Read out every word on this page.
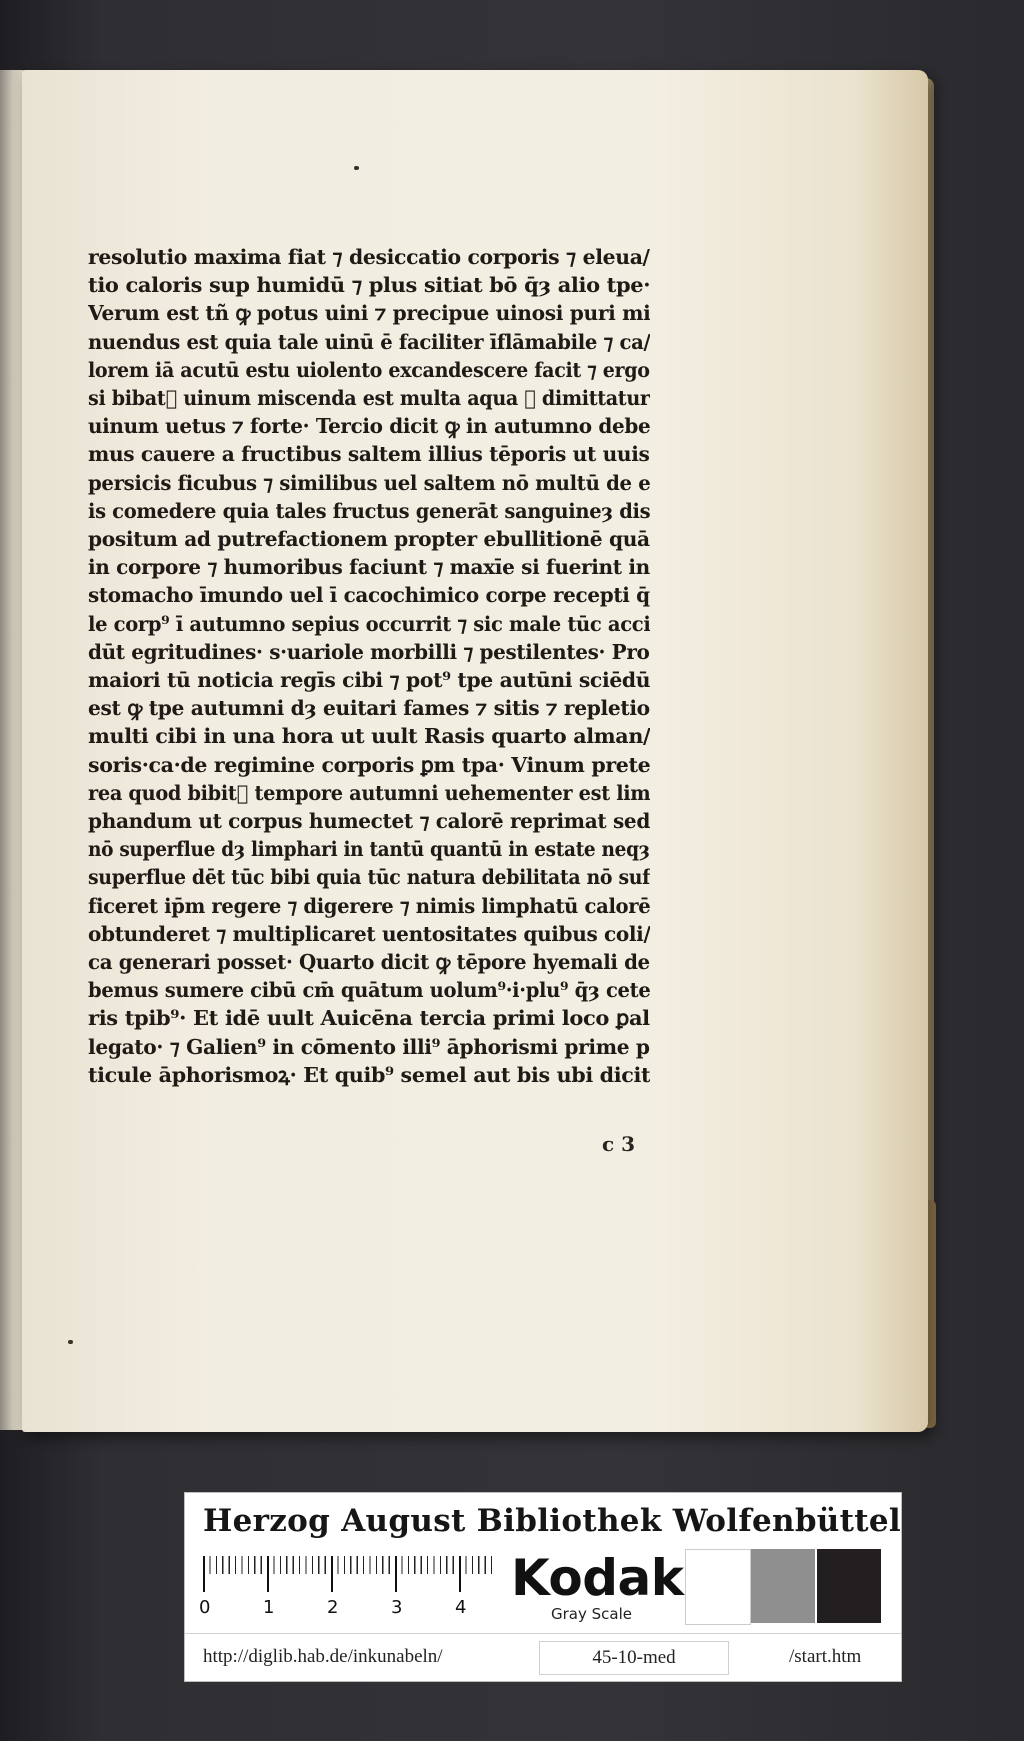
resolutio maxima fiat ⁊ desiccatio corporis ⁊ eleua/
tio caloris sup humidū ⁊ plus sitiat bō q̄ȝ alio tpe·
Verum est tñ ꝙ potus uini ⁊ precipue uinosi puri mi
nuendus est quia tale uinū ē faciliter īflāmabile ⁊ ca/
lorem iā acutū estu uiolento excandescere facit ⁊ ergo
si bibat᷑ uinum miscenda est multa aqua ⁊ dimittatur
uinum uetus ⁊ forte· Tercio dicit ꝙ in autumno debe
mus cauere a fructibus saltem illius tēporis ut uuis
persicis ficubus ⁊ similibus uel saltem nō multū de e
is comedere quia tales fructus generāt sanguineȝ dis
positum ad putrefactionem propter ebullitionē quā
in corpore ⁊ humoribus faciunt ⁊ maxīe si fuerint in
stomacho īmundo uel ī cacochimico corpe recepti q̄
le corp⁹ ī autumno sepius occurrit ⁊ sic male tūc acci
dūt egritudines· s·uariole morbilli ⁊ pestilentes· Pro
maiori tū noticia regīs cibi ⁊ pot⁹ tpe autūni sciēdū
est ꝙ tpe autumni dȝ euitari fames ⁊ sitis ⁊ repletio
multi cibi in una hora ut uult Rasis quarto alman/
soris·ca·de regimine corporis ꝑm tpa· Vinum prete
rea quod bibit᷑ tempore autumni uehementer est lim
phandum ut corpus humectet ⁊ calorē reprimat sed
nō superflue dȝ limphari in tantū quantū in estate neqȝ
superflue dēt tūc bibi quia tūc natura debilitata nō suf
ficeret ip̄m regere ⁊ digerere ⁊ nimis limphatū calorē
obtunderet ⁊ multiplicaret uentositates quibus coli/
ca generari posset· Quarto dicit ꝙ tēpore hyemali de
bemus sumere cibū cm̄ quātum uolum⁹·i·plu⁹ q̄ȝ cete
ris tpib⁹· Et idē uult Auicēna tercia primi loco ꝑal
legato· ⁊ Galien⁹ in cōmento illi⁹ āphorismi prime p
ticule āphorismoꝝ· Et quib⁹ semel aut bis ubi dicit
c 3
Herzog August Bibliothek Wolfenbüttel
0	1	2	3	4
Kodak
Gray Scale
http://diglib.hab.de/inkunabeln/	45-10-med	/start.htm
